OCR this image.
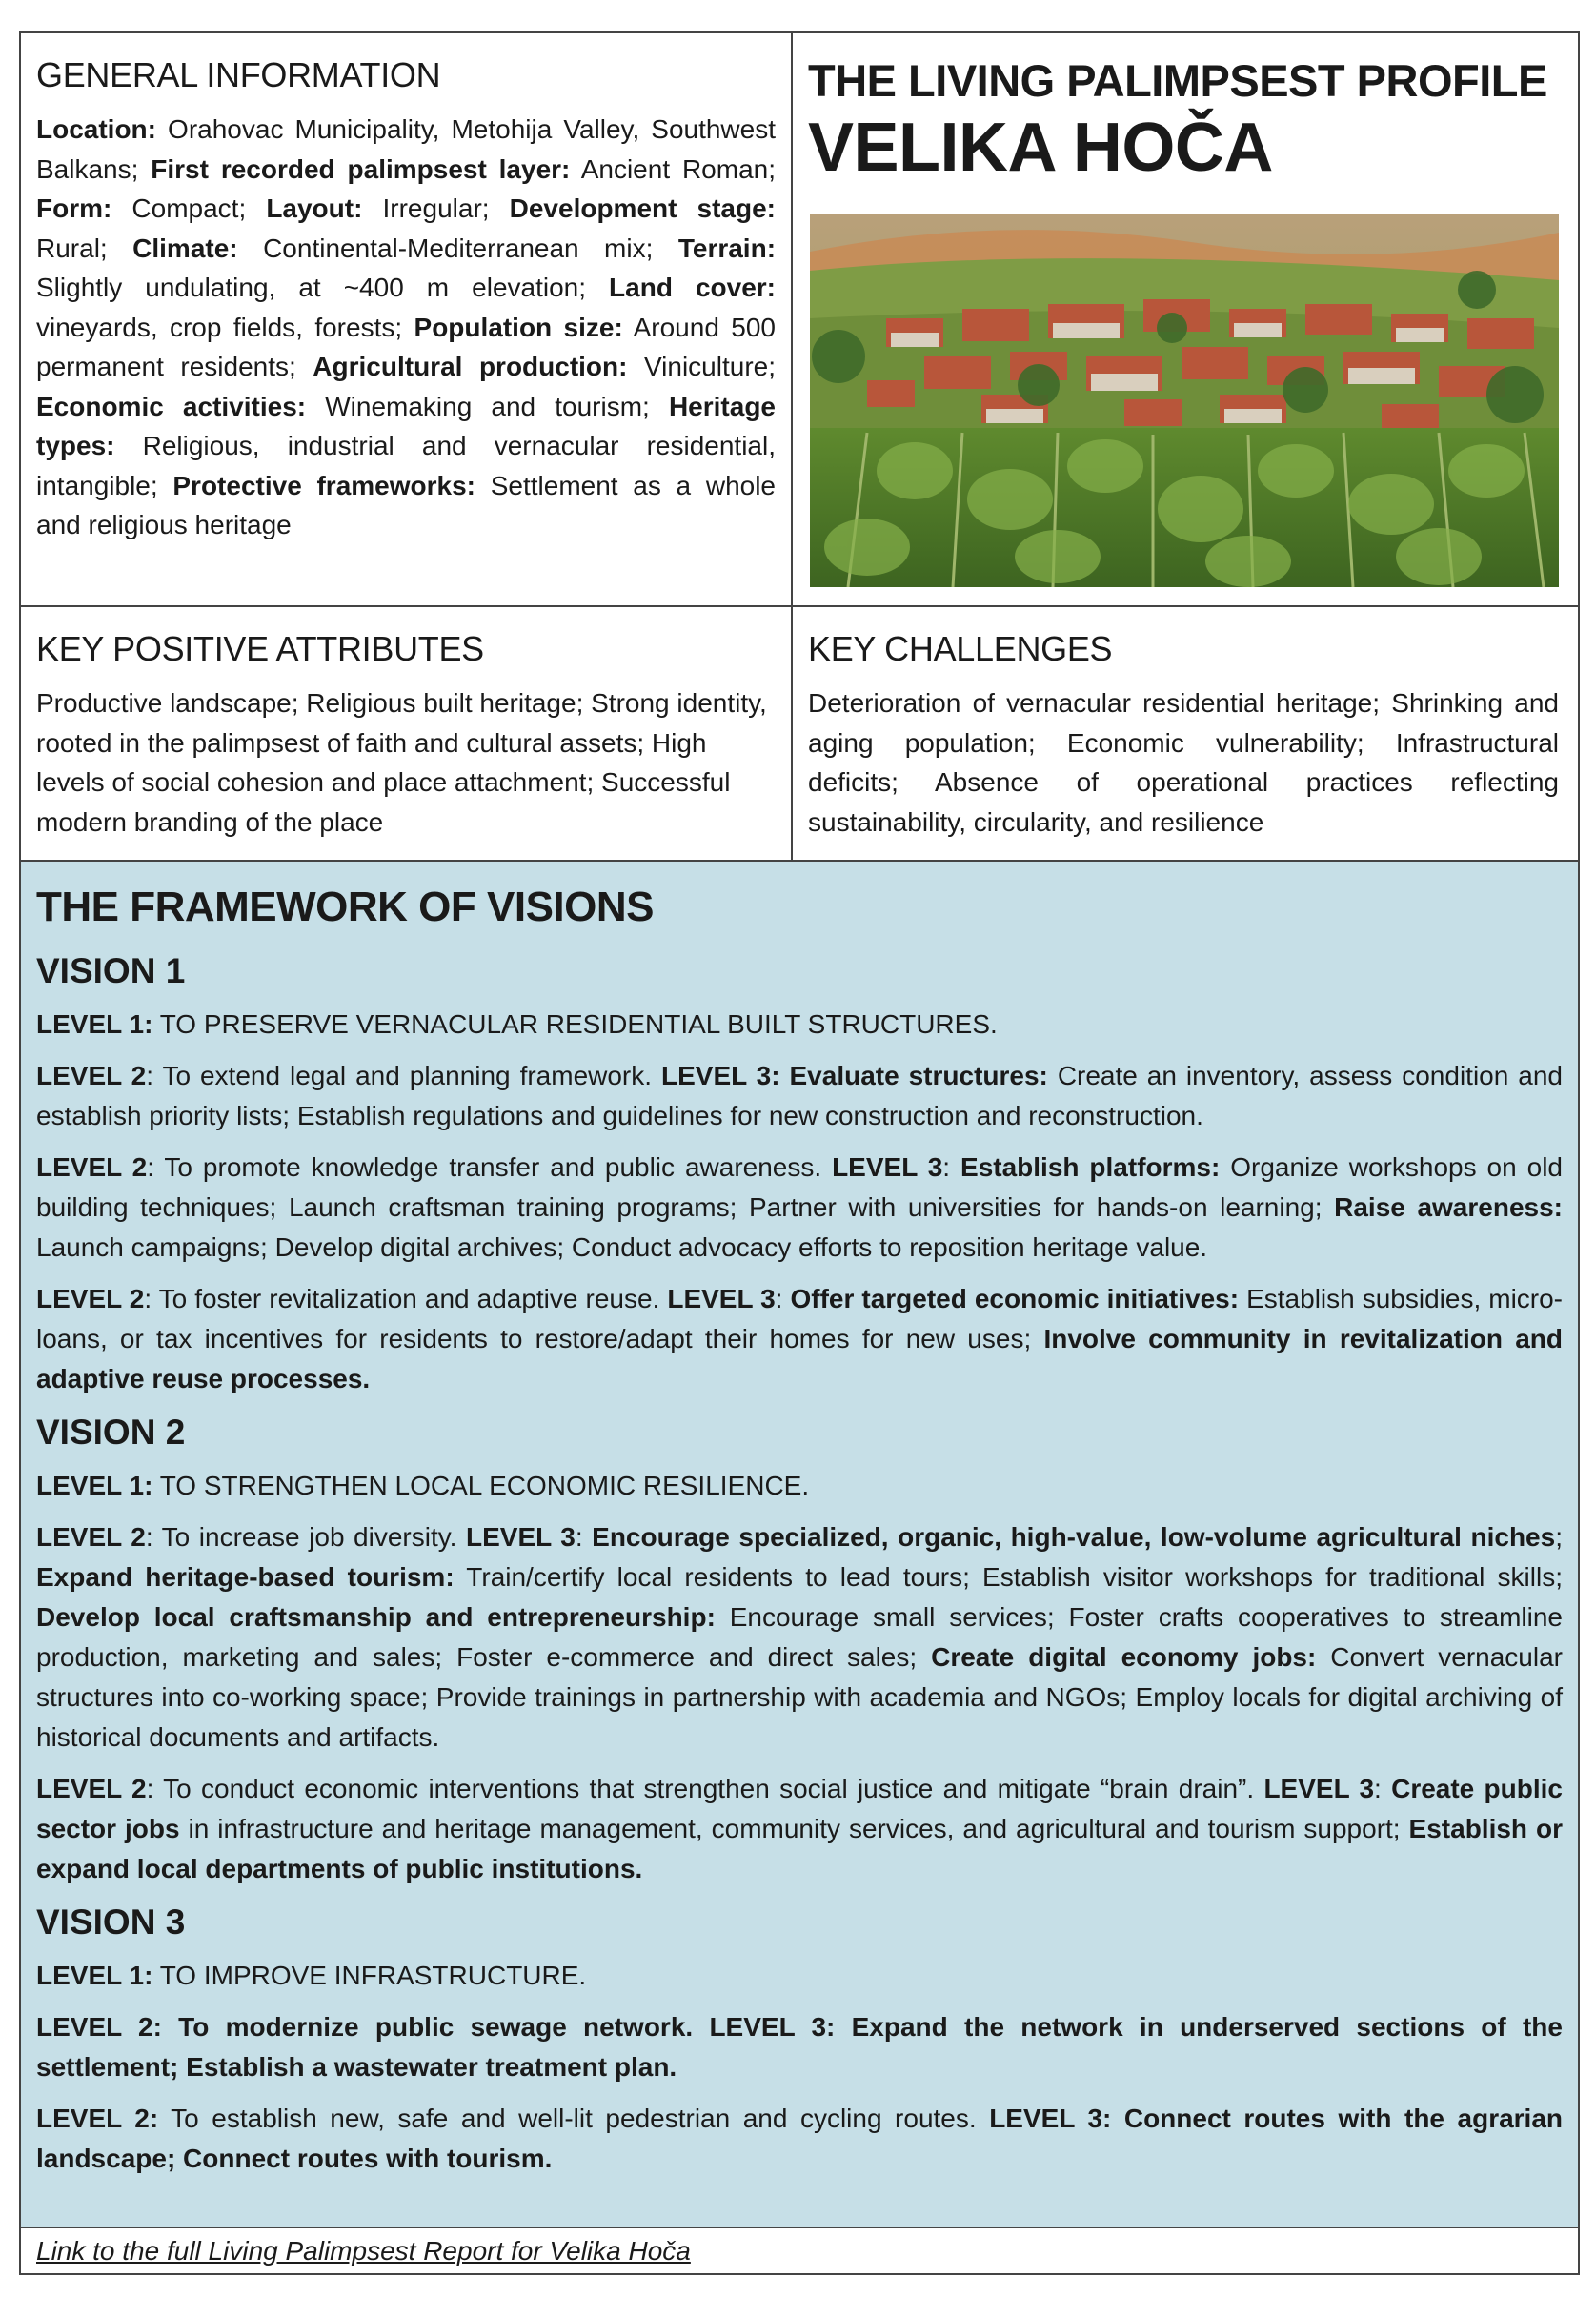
GENERAL INFORMATION

Location: Orahovac Municipality, Metohija Valley, Southwest Balkans; First recorded palimpsest layer: Ancient Roman; Form: Compact; Layout: Irregular; Development stage: Rural; Climate: Continental-Mediterranean mix; Terrain: Slightly undulating, at ~400 m elevation; Land cover: vineyards, crop fields, forests; Population size: Around 500 permanent residents; Agricultural production: Viniculture; Economic activities: Winemaking and tourism; Heritage types: Religious, industrial and vernacular residential, intangible; Protective frameworks: Settlement as a whole and religious heritage

THE LIVING PALIMPSEST PROFILE
VELIKA HOČA
KEY POSITIVE ATTRIBUTES

Productive landscape; Religious built heritage; Strong identity, rooted in the palimpsest of faith and cultural assets; High levels of social cohesion and place attachment; Successful modern branding of the place

KEY CHALLENGES

Deterioration of vernacular residential heritage; Shrinking and aging population; Economic vulnerability; Infrastructural deficits; Absence of operational practices reflecting sustainability, circularity, and resilience

THE FRAMEWORK OF VISIONS
VISION 1

LEVEL 1: TO PRESERVE VERNACULAR RESIDENTIAL BUILT STRUCTURES.

LEVEL 2: To extend legal and planning framework. LEVEL 3: Evaluate structures: Create an inventory, assess condition and establish priority lists; Establish regulations and guidelines for new construction and reconstruction.

LEVEL 2: To promote knowledge transfer and public awareness. LEVEL 3: Establish platforms: Organize workshops on old building techniques; Launch craftsman training programs; Partner with universities for hands-on learning; Raise awareness: Launch campaigns; Develop digital archives; Conduct advocacy efforts to reposition heritage value.

LEVEL 2: To foster revitalization and adaptive reuse. LEVEL 3: Offer targeted economic initiatives: Establish subsidies, micro-loans, or tax incentives for residents to restore/adapt their homes for new uses; Involve community in revitalization and adaptive reuse processes.

VISION 2

LEVEL 1: TO STRENGTHEN LOCAL ECONOMIC RESILIENCE.

LEVEL 2: To increase job diversity. LEVEL 3: Encourage specialized, organic, high-value, low-volume agricultural niches; Expand heritage-based tourism: Train/certify local residents to lead tours; Establish visitor workshops for traditional skills; Develop local craftsmanship and entrepreneurship: Encourage small services; Foster crafts cooperatives to streamline production, marketing and sales; Foster e-commerce and direct sales; Create digital economy jobs: Convert vernacular structures into co-working space; Provide trainings in partnership with academia and NGOs; Employ locals for digital archiving of historical documents and artifacts.

LEVEL 2: To conduct economic interventions that strengthen social justice and mitigate “brain drain”. LEVEL 3: Create public sector jobs in infrastructure and heritage management, community services, and agricultural and tourism support; Establish or expand local departments of public institutions.

VISION 3

LEVEL 1: TO IMPROVE INFRASTRUCTURE.

LEVEL 2: To modernize public sewage network. LEVEL 3: Expand the network in underserved sections of the settlement; Establish a wastewater treatment plan.

LEVEL 2: To establish new, safe and well-lit pedestrian and cycling routes. LEVEL 3: Connect routes with the agrarian landscape; Connect routes with tourism.

Link to the full Living Palimpsest Report for Velika Hoča
